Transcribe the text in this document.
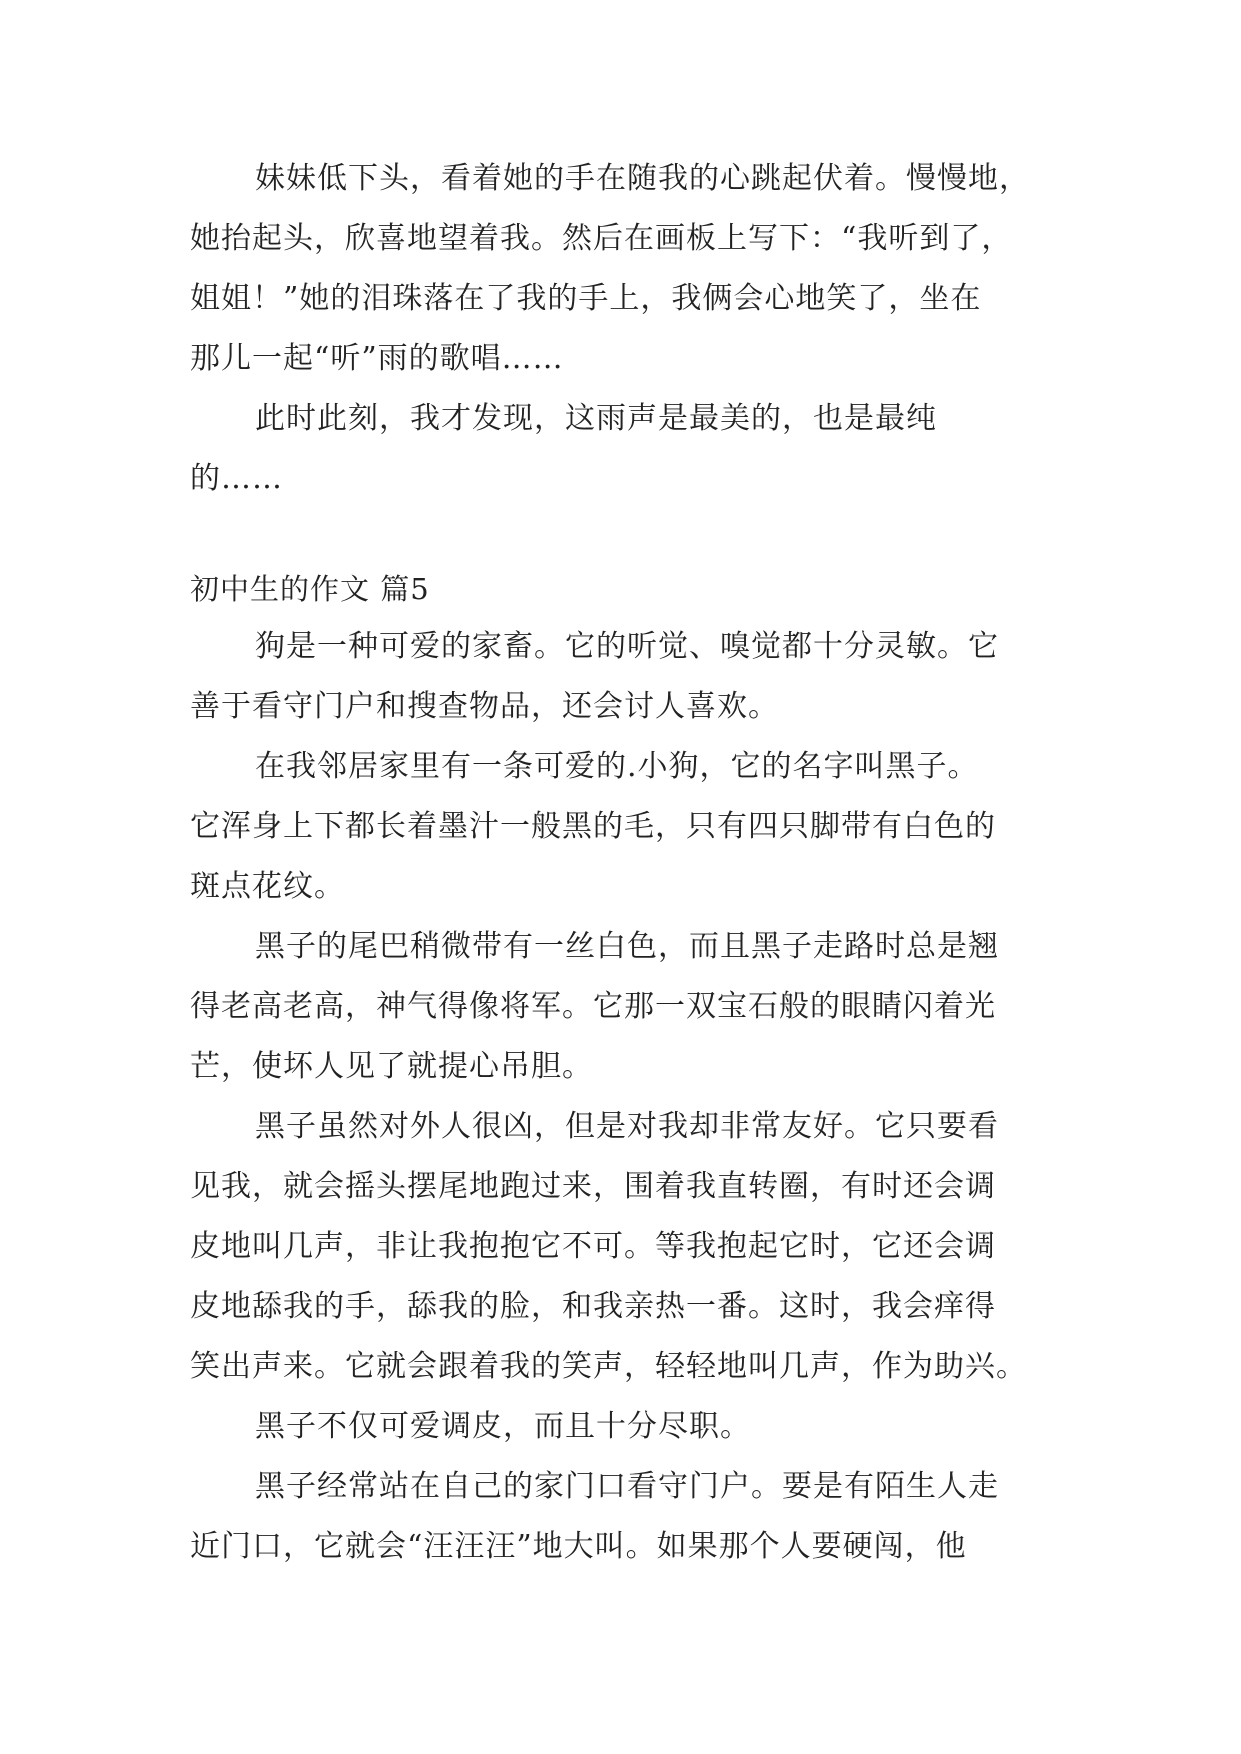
妹妹低下头，看着她的手在随我的心跳起伏着。慢慢地，
她抬起头，欣喜地望着我。然后在画板上写下：“我听到了，
姐姐！”她的泪珠落在了我的手上，我俩会心地笑了，坐在
那儿一起“听”雨的歌唱……
此时此刻，我才发现，这雨声是最美的，也是最纯
的……
初中生的作文 篇5
狗是一种可爱的家畜。它的听觉、嗅觉都十分灵敏。它
善于看守门户和搜查物品，还会讨人喜欢。
在我邻居家里有一条可爱的.小狗，它的名字叫黑子。
它浑身上下都长着墨汁一般黑的毛，只有四只脚带有白色的
斑点花纹。
黑子的尾巴稍微带有一丝白色，而且黑子走路时总是翘
得老高老高，神气得像将军。它那一双宝石般的眼睛闪着光
芒，使坏人见了就提心吊胆。
黑子虽然对外人很凶，但是对我却非常友好。它只要看
见我，就会摇头摆尾地跑过来，围着我直转圈，有时还会调
皮地叫几声，非让我抱抱它不可。等我抱起它时，它还会调
皮地舔我的手，舔我的脸，和我亲热一番。这时，我会痒得
笑出声来。它就会跟着我的笑声，轻轻地叫几声，作为助兴。
黑子不仅可爱调皮，而且十分尽职。
黑子经常站在自己的家门口看守门户。要是有陌生人走
近门口，它就会“汪汪汪”地大叫。如果那个人要硬闯，他
